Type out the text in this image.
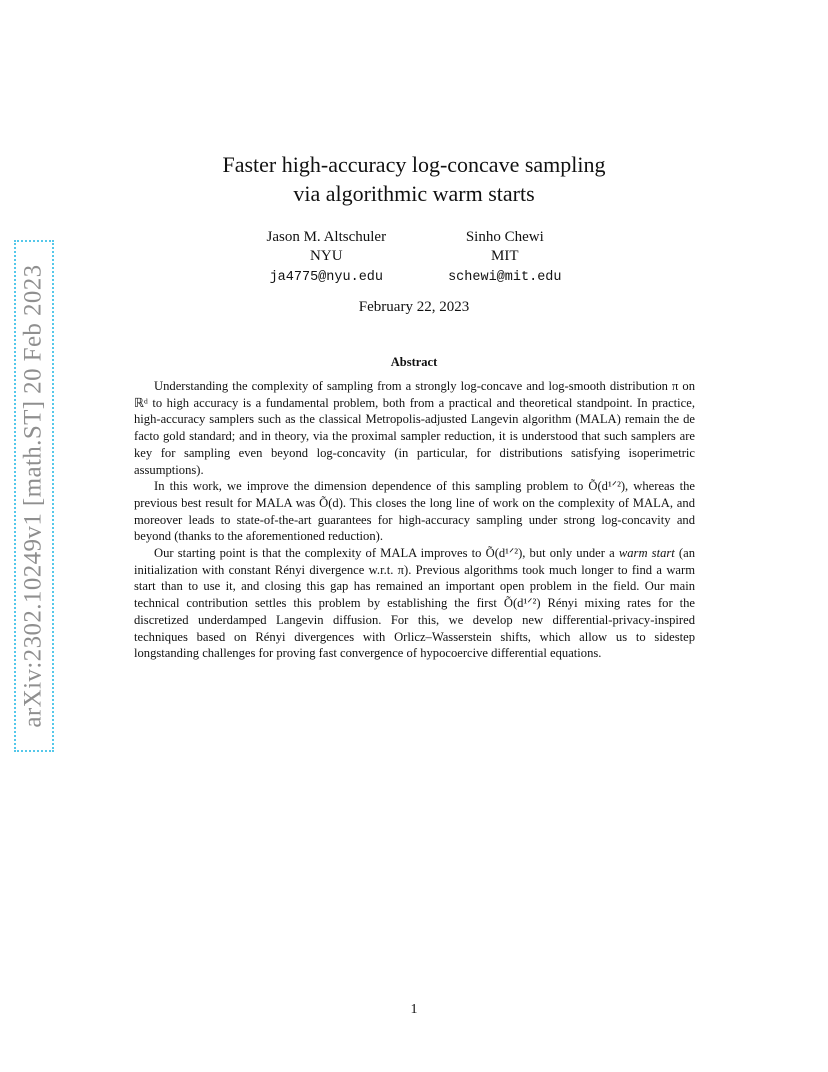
arXiv:2302.10249v1 [math.ST] 20 Feb 2023
Faster high-accuracy log-concave sampling
via algorithmic warm starts
Jason M. Altschuler
NYU
ja4775@nyu.edu
Sinho Chewi
MIT
schewi@mit.edu
February 22, 2023
Abstract

Understanding the complexity of sampling from a strongly log-concave and log-smooth distribution π on ℝᵈ to high accuracy is a fundamental problem, both from a practical and theoretical standpoint. In practice, high-accuracy samplers such as the classical Metropolis-adjusted Langevin algorithm (MALA) remain the de facto gold standard; and in theory, via the proximal sampler reduction, it is understood that such samplers are key for sampling even beyond log-concavity (in particular, for distributions satisfying isoperimetric assumptions).

In this work, we improve the dimension dependence of this sampling problem to Õ(d¹ᐟ²), whereas the previous best result for MALA was Õ(d). This closes the long line of work on the complexity of MALA, and moreover leads to state-of-the-art guarantees for high-accuracy sampling under strong log-concavity and beyond (thanks to the aforementioned reduction).

Our starting point is that the complexity of MALA improves to Õ(d¹ᐟ²), but only under a warm start (an initialization with constant Rényi divergence w.r.t. π). Previous algorithms took much longer to find a warm start than to use it, and closing this gap has remained an important open problem in the field. Our main technical contribution settles this problem by establishing the first Õ(d¹ᐟ²) Rényi mixing rates for the discretized underdamped Langevin diffusion. For this, we develop new differential-privacy-inspired techniques based on Rényi divergences with Orlicz–Wasserstein shifts, which allow us to sidestep longstanding challenges for proving fast convergence of hypocoercive differential equations.

1
